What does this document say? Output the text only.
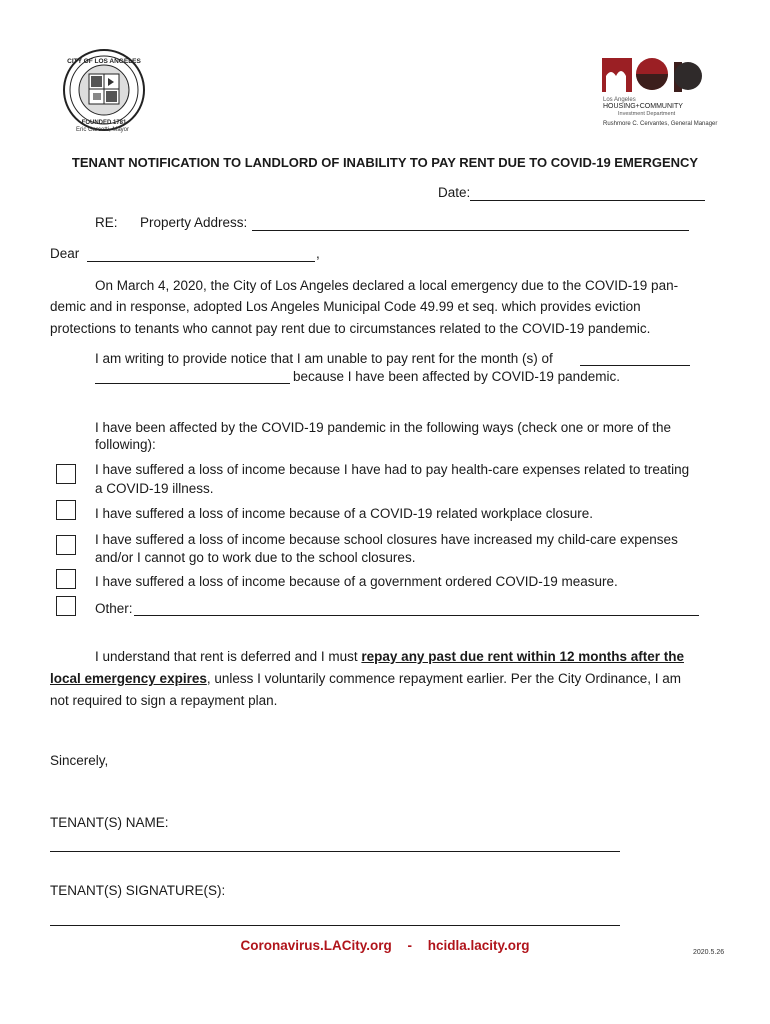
CITY OF LOS ANGELES
FOUNDED 1781
Eric Garcetti, Mayor
Los Angeles
HOUSING+COMMUNITY
Investment Department
Rushmore C. Cervantes, General Manager
TENANT NOTIFICATION TO LANDLORD OF INABILITY TO PAY RENT DUE TO COVID-19 EMERGENCY
Date:
RE: Property Address:
Dear	,
On March 4, 2020, the City of Los Angeles declared a local emergency due to the COVID-19 pan-
demic and in response, adopted Los Angeles Municipal Code 49.99 et seq. which provides eviction
protections to tenants who cannot pay rent due to circumstances related to the COVID-19 pandemic.
I am writing to provide notice that I am unable to pay rent for the month (s) of
because I have been affected by COVID-19 pandemic.
I have been affected by the COVID-19 pandemic in the following ways (check one or more of the
following):
I have suffered a loss of income because I have had to pay health-care expenses related to treating
a COVID-19 illness.
I have suffered a loss of income because of a COVID-19 related workplace closure.
I have suffered a loss of income because school closures have increased my child-care expenses
and/or I cannot go to work due to the school closures.
I have suffered a loss of income because of a government ordered COVID-19 measure.
Other:
I understand that rent is deferred and I must repay any past due rent within 12 months after the
local emergency expires, unless I voluntarily commence repayment earlier. Per the City Ordinance, I am
not required to sign a repayment plan.
Sincerely,
TENANT(S) NAME:
TENANT(S) SIGNATURE(S):
Coronavirus.LACity.org - hcidla.lacity.org	2020.5.26
